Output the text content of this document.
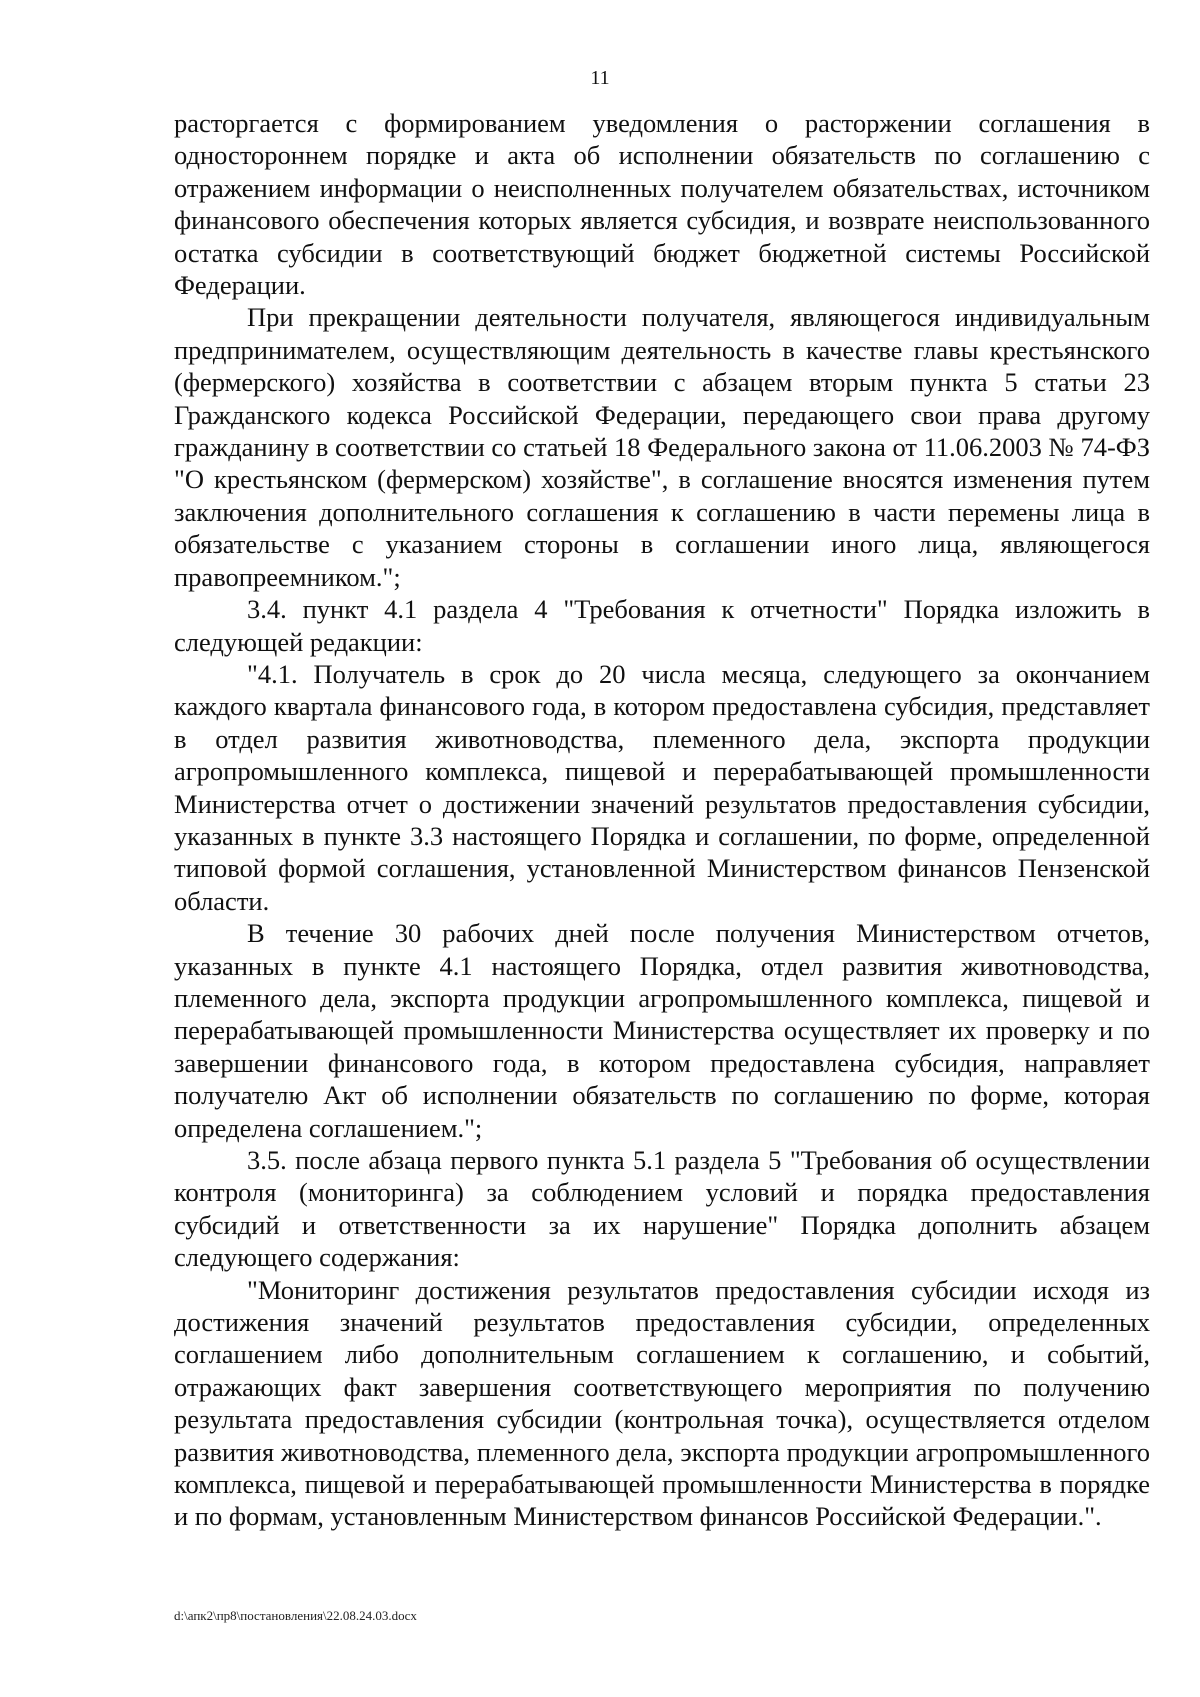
11

расторгается с формированием уведомления о расторжении соглашения в одностороннем порядке и акта об исполнении обязательств по соглашению с отражением информации о неисполненных получателем обязательствах, источником финансового обеспечения которых является субсидия, и возврате неиспользованного остатка субсидии в соответствующий бюджет бюджетной системы Российской Федерации.

При прекращении деятельности получателя, являющегося индивидуальным предпринимателем, осуществляющим деятельность в качестве главы крестьянского (фермерского) хозяйства в соответствии с абзацем вторым пункта 5 статьи 23 Гражданского кодекса Российской Федерации, передающего свои права другому гражданину в соответствии со статьей 18 Федерального закона от 11.06.2003 № 74-ФЗ "О крестьянском (фермерском) хозяйстве", в соглашение вносятся изменения путем заключения дополнительного соглашения к соглашению в части перемены лица в обязательстве с указанием стороны в соглашении иного лица, являющегося правопреемником.";

3.4. пункт 4.1 раздела 4 "Требования к отчетности" Порядка изложить в следующей редакции:

"4.1. Получатель в срок до 20 числа месяца, следующего за окончанием каждого квартала финансового года, в котором предоставлена субсидия, представляет в отдел развития животноводства, племенного дела, экспорта продукции агропромышленного комплекса, пищевой и перерабатывающей промышленности Министерства отчет о достижении значений результатов предоставления субсидии, указанных в пункте 3.3 настоящего Порядка и соглашении, по форме, определенной типовой формой соглашения, установленной Министерством финансов Пензенской области.

В течение 30 рабочих дней после получения Министерством отчетов, указанных в пункте 4.1 настоящего Порядка, отдел развития животноводства, племенного дела, экспорта продукции агропромышленного комплекса, пищевой и перерабатывающей промышленности Министерства осуществляет их проверку и по завершении финансового года, в котором предоставлена субсидия, направляет получателю Акт об исполнении обязательств по соглашению по форме, которая определена соглашением.";

3.5. после абзаца первого пункта 5.1 раздела 5 "Требования об осуществлении контроля (мониторинга) за соблюдением условий и порядка предоставления субсидий и ответственности за их нарушение" Порядка дополнить абзацем следующего содержания:

"Мониторинг достижения результатов предоставления субсидии исходя из достижения значений результатов предоставления субсидии, определенных соглашением либо дополнительным соглашением к соглашению, и событий, отражающих факт завершения соответствующего мероприятия по получению результата предоставления субсидии (контрольная точка), осуществляется отделом развития животноводства, племенного дела, экспорта продукции агропромышленного комплекса, пищевой и перерабатывающей промышленности Министерства в порядке и по формам, установленным Министерством финансов Российской Федерации.".

d:\апк2\пр8\постановления\22.08.24.03.docx
